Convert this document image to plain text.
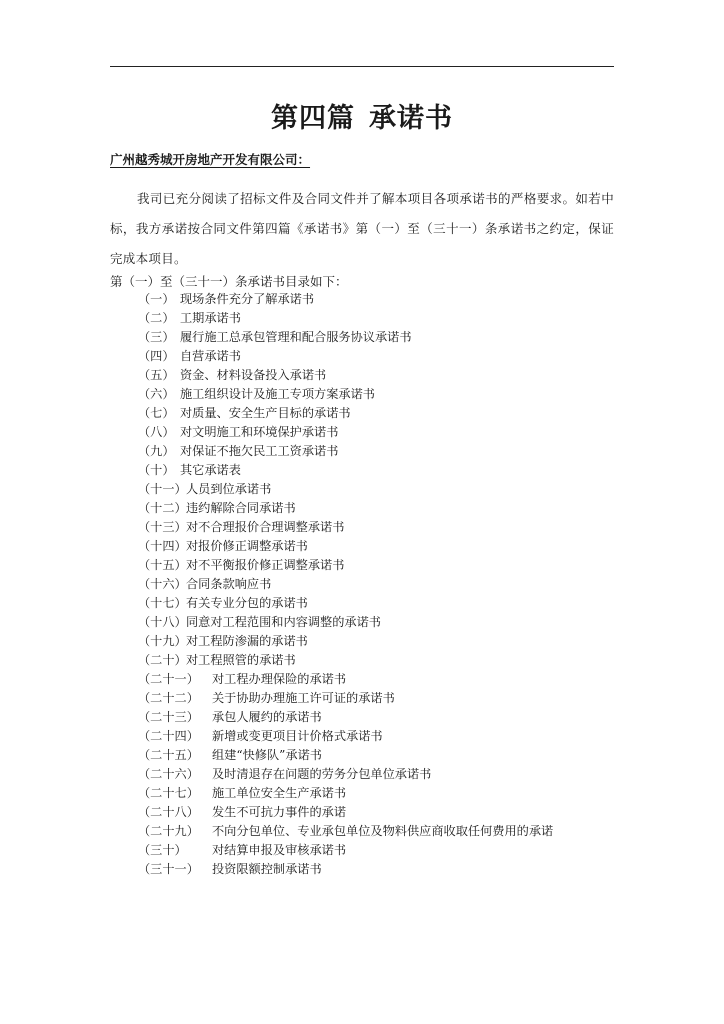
第四篇 承诺书
广州越秀城开房地产开发有限公司：
我司已充分阅读了招标文件及合同文件并了解本项目各项承诺书的严格要求。如若中标，我方承诺按合同文件第四篇《承诺书》第（一）至（三十一）条承诺书之约定，保证完成本项目。
第（一）至（三十一）条承诺书目录如下：
（一） 现场条件充分了解承诺书
（二） 工期承诺书
（三） 履行施工总承包管理和配合服务协议承诺书
（四） 自营承诺书
（五） 资金、材料设备投入承诺书
（六） 施工组织设计及施工专项方案承诺书
（七） 对质量、安全生产目标的承诺书
（八） 对文明施工和环境保护承诺书
（九） 对保证不拖欠民工工资承诺书
（十） 其它承诺表
（十一）人员到位承诺书
（十二）违约解除合同承诺书
（十三）对不合理报价合理调整承诺书
（十四）对报价修正调整承诺书
（十五）对不平衡报价修正调整承诺书
（十六）合同条款响应书
（十七）有关专业分包的承诺书
（十八）同意对工程范围和内容调整的承诺书
（十九）对工程防渗漏的承诺书
（二十）对工程照管的承诺书
（二十一） 对工程办理保险的承诺书
（二十二） 关于协助办理施工许可证的承诺书
（二十三） 承包人履约的承诺书
（二十四） 新增或变更项目计价格式承诺书
（二十五） 组建“快修队”承诺书
（二十六） 及时清退存在问题的劳务分包单位承诺书
（二十七） 施工单位安全生产承诺书
（二十八） 发生不可抗力事件的承诺
（二十九） 不向分包单位、专业承包单位及物料供应商收取任何费用的承诺
（三十） 对结算申报及审核承诺书
（三十一） 投资限额控制承诺书
